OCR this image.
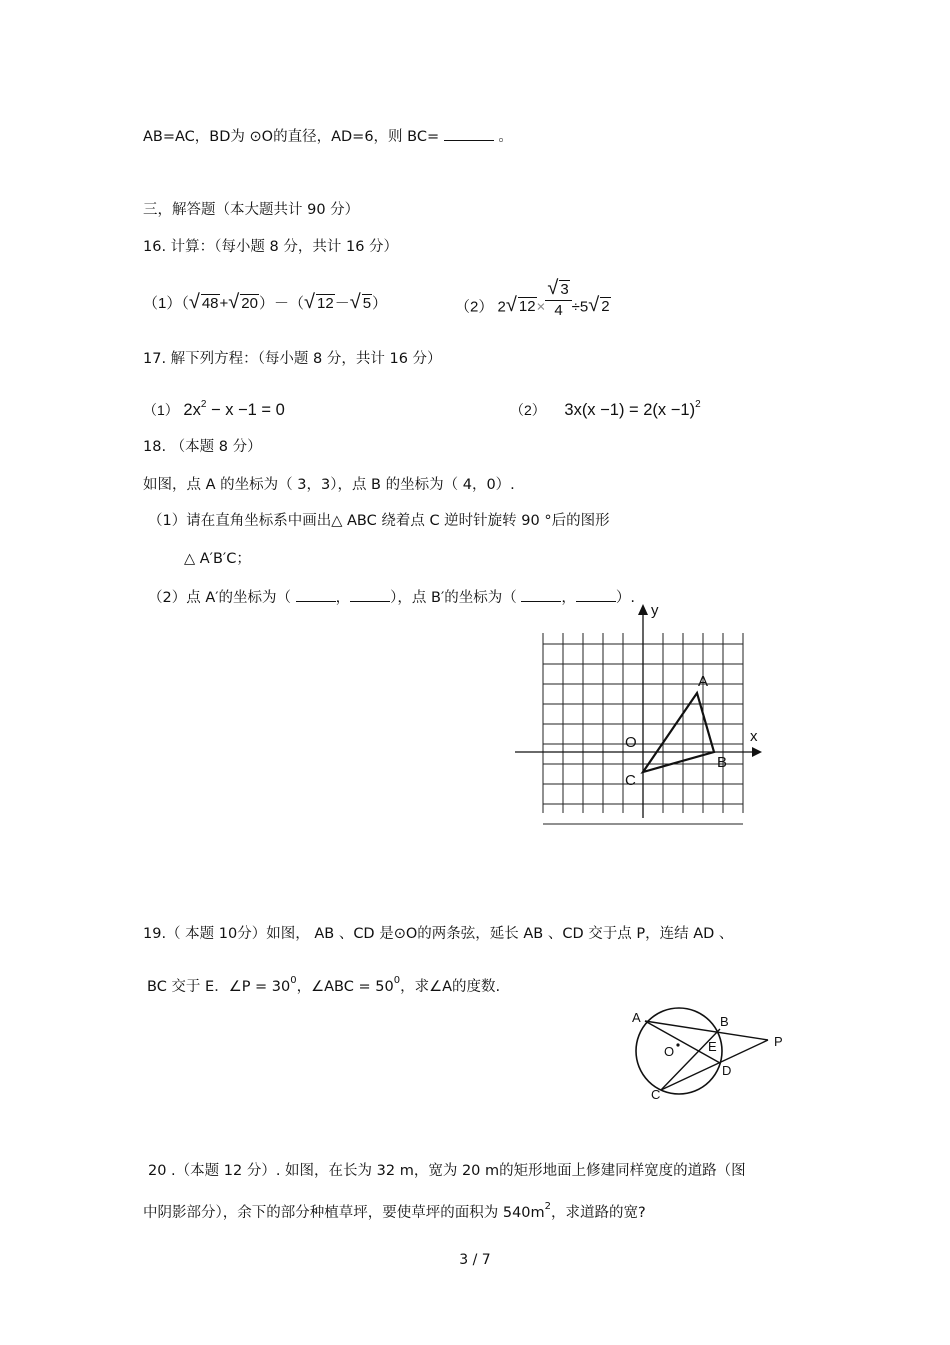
AB=AC，BD为 ⊙O的直径，AD=6，则 BC=	。
三，解答题（本大题共计 90 分）
16. 计算：（每小题 8 分，共计 16 分）
（1）（ √ 48+ √ 20）－（ √ 12－ √ 5）	（2） 2 √ $12\times \frac{√ 3}{4} \div 5$ √ 2
17. 解下列方程：（每小题 8 分，共计 16 分）
（1） $2x^2 - x -1 = 0$	（2） $3x(x -1) = 2(x -1)^2$
18. （本题 8 分）
如图，点 A 的坐标为（ 3，3），点 B 的坐标为（ 4，0）.
（1）请在直角坐标系中画出△ ABC 绕着点 C 逆时针旋转 90 °后的图形
△ A′B′C；
（2）点 A′的坐标为（	，	），点 B′的坐标为（	，	）.
y
x
O
A
B
C
19.（ 本题 10分）如图， AB 、CD 是⊙O的两条弦，延长 AB 、CD 交于点 P，连结 AD 、
BC 交于 E．∠P = $30^0$，∠ABC = $50^0$，求∠A的度数.
A	B
E
O
P
D
C
20 .（本题 12 分）. 如图，在长为 32 m，宽为 20 m的矩形地面上修建同样宽度的道路（图
中阴影部分），余下的部分种植草坪，要使草坪的面积为 $540m^2$，求道路的宽?
3 / 7
